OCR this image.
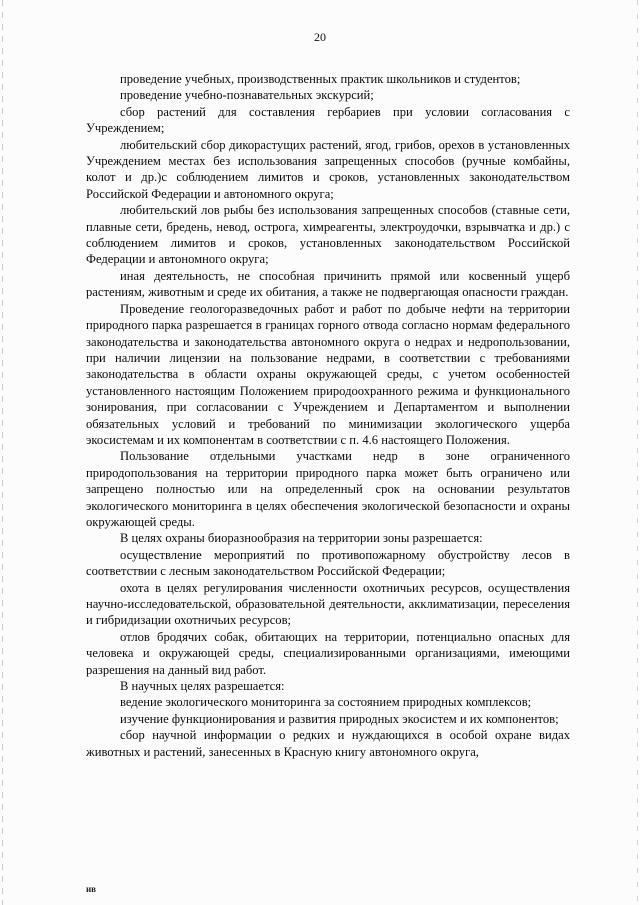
20

проведение учебных, производственных практик школьников и студентов;

проведение учебно-познавательных экскурсий;

сбор растений для составления гербариев при условии согласования с Учреждением;

любительский сбор дикорастущих растений, ягод, грибов, орехов в установленных Учреждением местах без использования запрещенных способов (ручные комбайны, колот и др.)с соблюдением лимитов и сроков, установленных законодательством Российской Федерации и автономного округа;

любительский лов рыбы без использования запрещенных способов (ставные сети, плавные сети, бредень, невод, острога, химреагенты, электроудочки, взрывчатка и др.) с соблюдением лимитов и сроков, установленных законодательством Российской Федерации и автономного округа;

иная деятельность, не способная причинить прямой или косвенный ущерб растениям, животным и среде их обитания, а также не подвергающая опасности граждан.

Проведение геологоразведочных работ и работ по добыче нефти на территории природного парка разрешается в границах горного отвода согласно нормам федерального законодательства и законодательства автономного округа о недрах и недропользовании, при наличии лицензии на пользование недрами, в соответствии с требованиями законодательства в области охраны окружающей среды, с учетом особенностей установленного настоящим Положением природоохранного режима и функционального зонирования, при согласовании с Учреждением и Департаментом и выполнении обязательных условий и требований по минимизации экологического ущерба экосистемам и их компонентам в соответствии с п. 4.6 настоящего Положения.

Пользование отдельными участками недр в зоне ограниченного природопользования на территории природного парка может быть ограничено или запрещено полностью или на определенный срок на основании результатов экологического мониторинга в целях обеспечения экологической безопасности и охраны окружающей среды.

В целях охраны биоразнообразия на территории зоны разрешается:

осуществление мероприятий по противопожарному обустройству лесов в соответствии с лесным законодательством Российской Федерации;

охота в целях регулирования численности охотничьих ресурсов, осуществления научно-исследовательской, образовательной деятельности, акклиматизации, переселения и гибридизации охотничьих ресурсов;

отлов бродячих собак, обитающих на территории, потенциально опасных для человека и окружающей среды, специализированными организациями, имеющими разрешения на данный вид работ.

В научных целях разрешается:

ведение экологического мониторинга за состоянием природных комплексов;

изучение функционирования и развития природных экосистем и их компонентов;

сбор научной информации о редких и нуждающихся в особой охране видах животных и растений, занесенных в Красную книгу автономного округа,

ив
